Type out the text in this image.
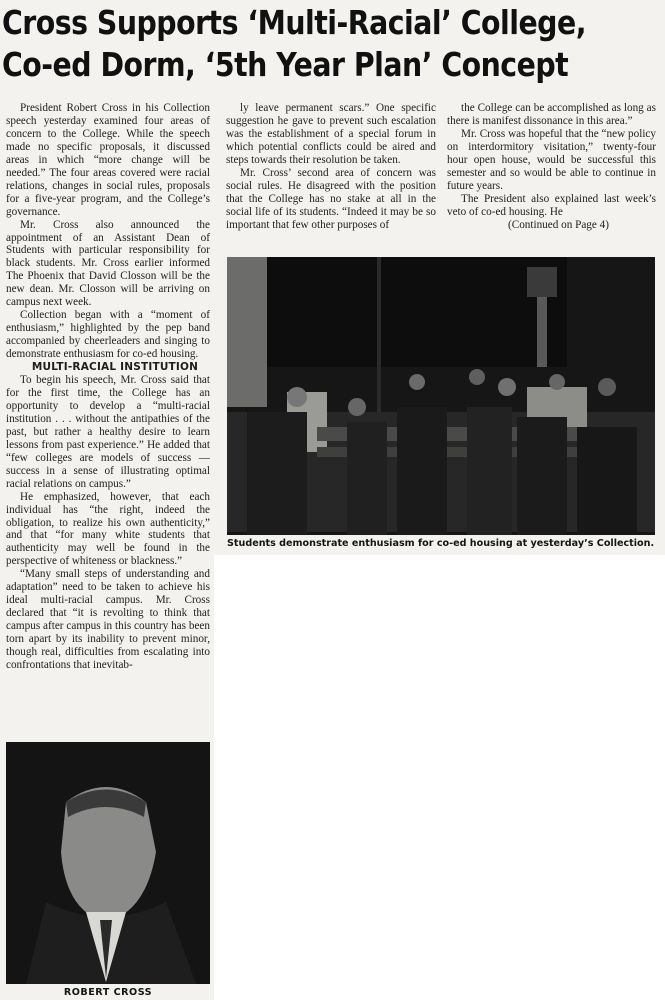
Cross Supports ‘Multi-Racial’ College,
Co-ed Dorm, ‘5th Year Plan’ Concept

President Robert Cross in his Collection speech yesterday examined four areas of concern to the College. While the speech made no specific proposals, it discussed areas in which “more change will be needed.” The four areas covered were racial relations, changes in social rules, proposals for a five-year program, and the College’s governance.

Mr. Cross also announced the appointment of an Assistant Dean of Students with particular responsibility for black students. Mr. Cross earlier informed The Phoenix that David Closson will be the new dean. Mr. Closson will be arriving on campus next week.

Collection began with a “moment of enthusiasm,” highlighted by the pep band accompanied by cheerleaders and singing to demonstrate enthusiasm for co-ed housing.

MULTI-RACIAL INSTITUTION

To begin his speech, Mr. Cross said that for the first time, the College has an opportunity to develop a “multi-racial institution . . . without the antipathies of the past, but rather a healthy desire to learn lessons from past experience.” He added that “few colleges are models of success — success in a sense of illustrating optimal racial relations on campus.”

He emphasized, however, that each individual has “the right, indeed the obligation, to realize his own authenticity,” and that “for many white students that authenticity may well be found in the perspective of whiteness or blackness.”

“Many small steps of understanding and adaptation” need to be taken to achieve his ideal multi-racial campus. Mr. Cross declared that “it is revolting to think that campus after campus in this country has been torn apart by its inability to prevent minor, though real, difficulties from escalating into confrontations that inevitab-

ly leave permanent scars.” One specific suggestion he gave to prevent such escalation was the establishment of a special forum in which potential conflicts could be aired and steps towards their resolution be taken.

Mr. Cross’ second area of concern was social rules. He disagreed with the position that the College has no stake at all in the social life of its students. “Indeed it may be so important that few other purposes of

the College can be accomplished as long as there is manifest dissonance in this area.”

Mr. Cross was hopeful that the “new policy on interdormitory visitation,” twenty-four hour open house, would be successful this semester and so would be able to continue in future years.

The President also explained last week’s veto of co-ed housing. He

(Continued on Page 4)

Students demonstrate enthusiasm for co-ed housing at yesterday’s Collection.

ROBERT CROSS
